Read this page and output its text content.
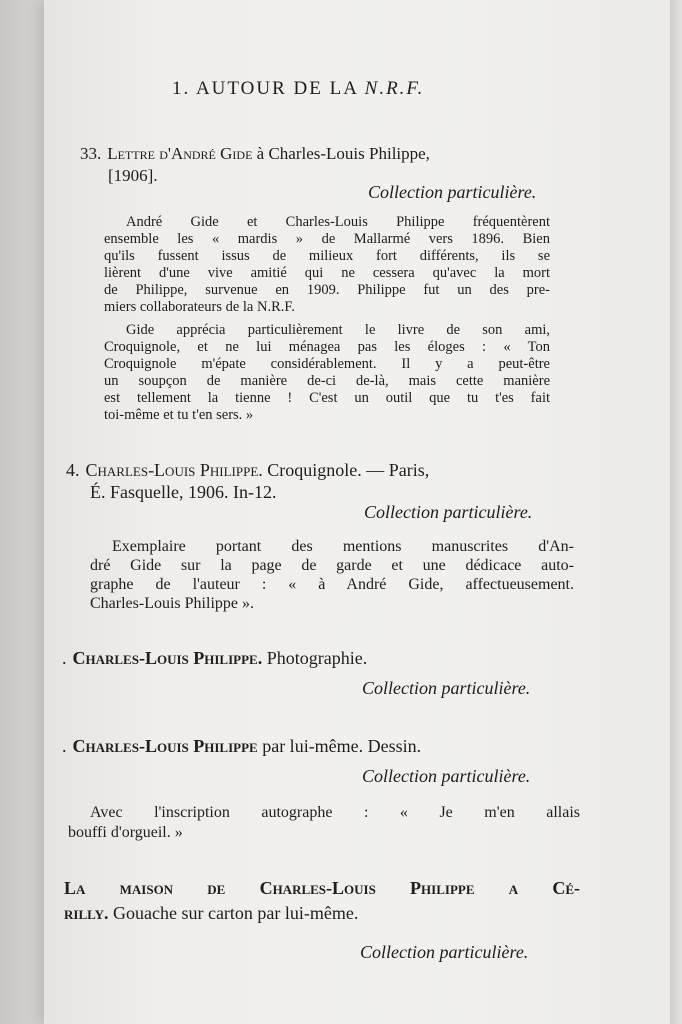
1. AUTOUR DE LA N.R.F.
33. Lettre d'André Gide à Charles-Louis Philippe,
[1906].
Collection particulière.
André Gide et Charles-Louis Philippe fréquentèrent
ensemble les « mardis » de Mallarmé vers 1896. Bien
qu'ils fussent issus de milieux fort différents, ils se
lièrent d'une vive amitié qui ne cessera qu'avec la mort
de Philippe, survenue en 1909. Philippe fut un des pre-
miers collaborateurs de la N.R.F.
Gide apprécia particulièrement le livre de son ami,
Croquignole, et ne lui ménagea pas les éloges : « Ton
Croquignole m'épate considérablement. Il y a peut-être
un soupçon de manière de-ci de-là, mais cette manière
est tellement la tienne ! C'est un outil que tu t'es fait
toi-même et tu t'en sers. »
4. Charles-Louis Philippe. Croquignole. — Paris,
É. Fasquelle, 1906. In-12.
Collection particulière.
Exemplaire portant des mentions manuscrites d'An-
dré Gide sur la page de garde et une dédicace auto-
graphe de l'auteur : « à André Gide, affectueusement.
Charles-Louis Philippe ».
. Charles-Louis Philippe. Photographie.
Collection particulière.
. Charles-Louis Philippe par lui-même. Dessin.
Collection particulière.
Avec l'inscription autographe : « Je m'en allais
bouffi d'orgueil. »
La maison de Charles-Louis Philippe a Cé-
rilly. Gouache sur carton par lui-même.
Collection particulière.
